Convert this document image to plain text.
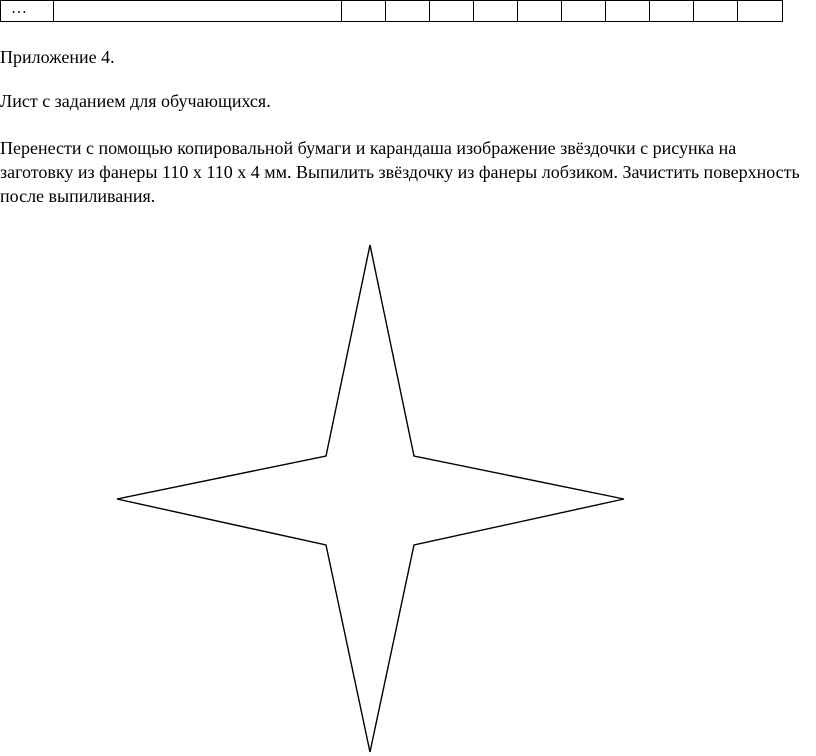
…											

Приложение 4.

Лист с заданием для обучающихся.

Перенести с помощью копировальной бумаги и карандаша изображение звёздочки с рисунка на заготовку из фанеры 110 х 110 х 4 мм. Выпилить звёздочку из фанеры лобзиком. Зачистить поверхность после выпиливания.
